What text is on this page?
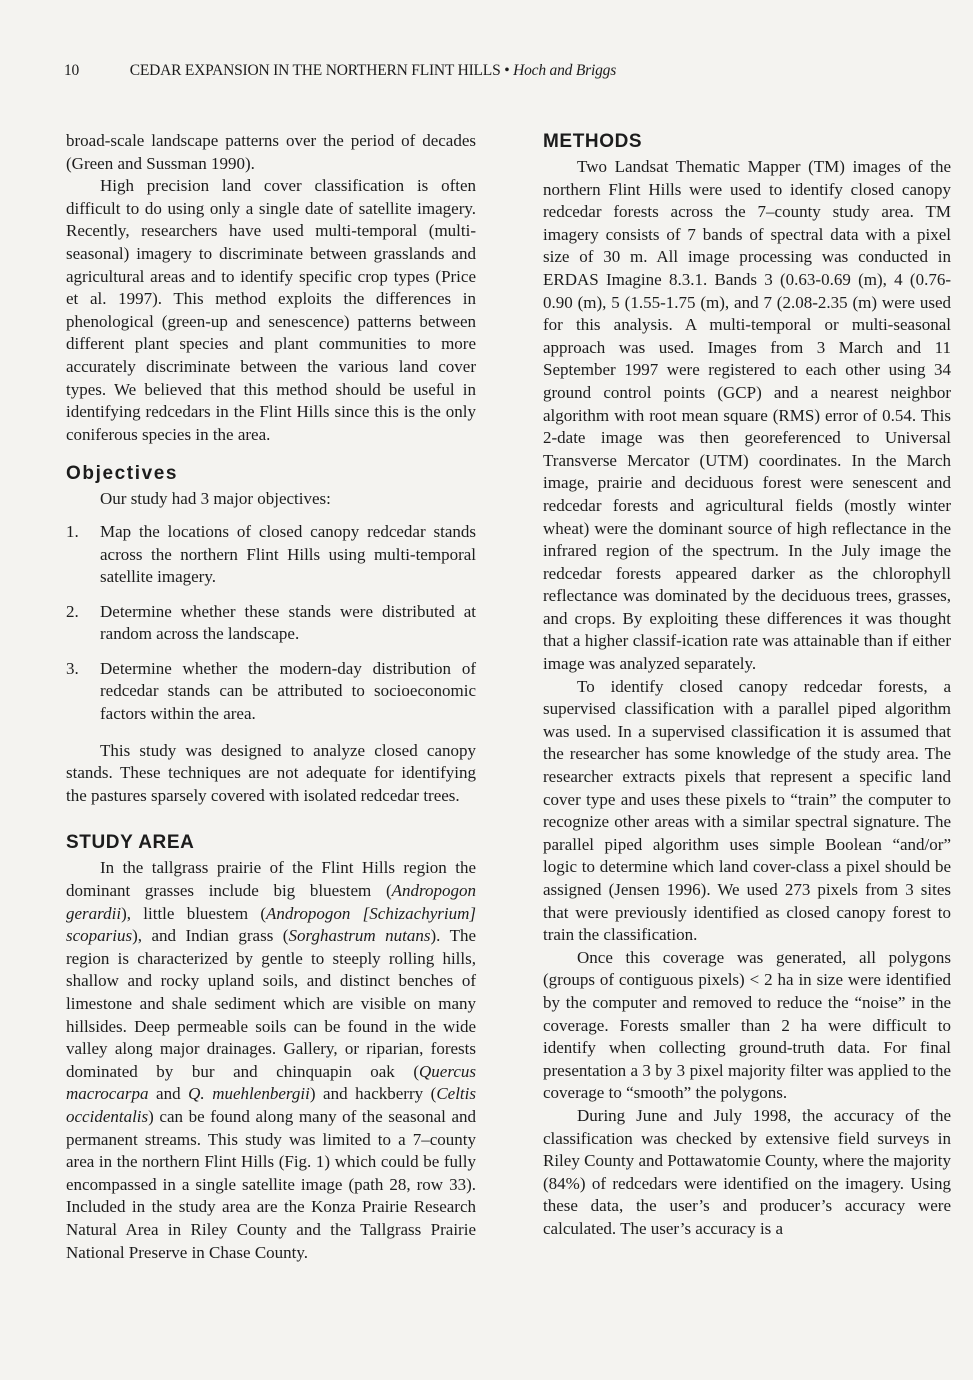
10	CEDAR EXPANSION IN THE NORTHERN FLINT HILLS • Hoch and Briggs

broad-scale landscape patterns over the period of decades (Green and Sussman 1990).

High precision land cover classification is often difficult to do using only a single date of satellite imagery. Recently, researchers have used multi-temporal (multi-seasonal) imagery to discriminate between grasslands and agricultural areas and to identify specific crop types (Price et al. 1997). This method exploits the differences in phenological (green-up and senescence) patterns between different plant species and plant communities to more accurately discriminate between the various land cover types. We believed that this method should be useful in identifying redcedars in the Flint Hills since this is the only coniferous species in the area.

Objectives

Our study had 3 major objectives:

1. Map the locations of closed canopy redcedar stands across the northern Flint Hills using multi-temporal satellite imagery.
2. Determine whether these stands were distributed at random across the landscape.
3. Determine whether the modern-day distribution of redcedar stands can be attributed to socioeconomic factors within the area.

This study was designed to analyze closed canopy stands. These techniques are not adequate for identifying the pastures sparsely covered with isolated redcedar trees.

STUDY AREA

In the tallgrass prairie of the Flint Hills region the dominant grasses include big bluestem (Andropogon gerardii), little bluestem (Andropogon [Schizachyrium] scoparius), and Indian grass (Sorghastrum nutans). The region is characterized by gentle to steeply rolling hills, shallow and rocky upland soils, and distinct benches of limestone and shale sediment which are visible on many hillsides. Deep permeable soils can be found in the wide valley along major drainages. Gallery, or riparian, forests dominated by bur and chinquapin oak (Quercus macrocarpa and Q. muehlenbergii) and hackberry (Celtis occidentalis) can be found along many of the seasonal and permanent streams. This study was limited to a 7–county area in the northern Flint Hills (Fig. 1) which could be fully encompassed in a single satellite image (path 28, row 33). Included in the study area are the Konza Prairie Research Natural Area in Riley County and the Tallgrass Prairie National Preserve in Chase County.

METHODS

Two Landsat Thematic Mapper (TM) images of the northern Flint Hills were used to identify closed canopy redcedar forests across the 7–county study area. TM imagery consists of 7 bands of spectral data with a pixel size of 30 m. All image processing was conducted in ERDAS Imagine 8.3.1. Bands 3 (0.63-0.69 (m), 4 (0.76-0.90 (m), 5 (1.55-1.75 (m), and 7 (2.08-2.35 (m) were used for this analysis. A multi-temporal or multi-seasonal approach was used. Images from 3 March and 11 September 1997 were registered to each other using 34 ground control points (GCP) and a nearest neighbor algorithm with root mean square (RMS) error of 0.54. This 2-date image was then georeferenced to Universal Transverse Mercator (UTM) coordinates. In the March image, prairie and deciduous forest were senescent and redcedar forests and agricultural fields (mostly winter wheat) were the dominant source of high reflectance in the infrared region of the spectrum. In the July image the redcedar forests appeared darker as the chlorophyll reflectance was dominated by the deciduous trees, grasses, and crops. By exploiting these differences it was thought that a higher classif-ication rate was attainable than if either image was analyzed separately.

To identify closed canopy redcedar forests, a supervised classification with a parallel piped algorithm was used. In a supervised classification it is assumed that the researcher has some knowledge of the study area. The researcher extracts pixels that represent a specific land cover type and uses these pixels to “train” the computer to recognize other areas with a similar spectral signature. The parallel piped algorithm uses simple Boolean “and/or” logic to determine which land cover-class a pixel should be assigned (Jensen 1996). We used 273 pixels from 3 sites that were previously identified as closed canopy forest to train the classification.

Once this coverage was generated, all polygons (groups of contiguous pixels) < 2 ha in size were identified by the computer and removed to reduce the “noise” in the coverage. Forests smaller than 2 ha were difficult to identify when collecting ground-truth data. For final presentation a 3 by 3 pixel majority filter was applied to the coverage to “smooth” the polygons.

During June and July 1998, the accuracy of the classification was checked by extensive field surveys in Riley County and Pottawatomie County, where the majority (84%) of redcedars were identified on the imagery. Using these data, the user’s and producer’s accuracy were calculated. The user’s accuracy is a
